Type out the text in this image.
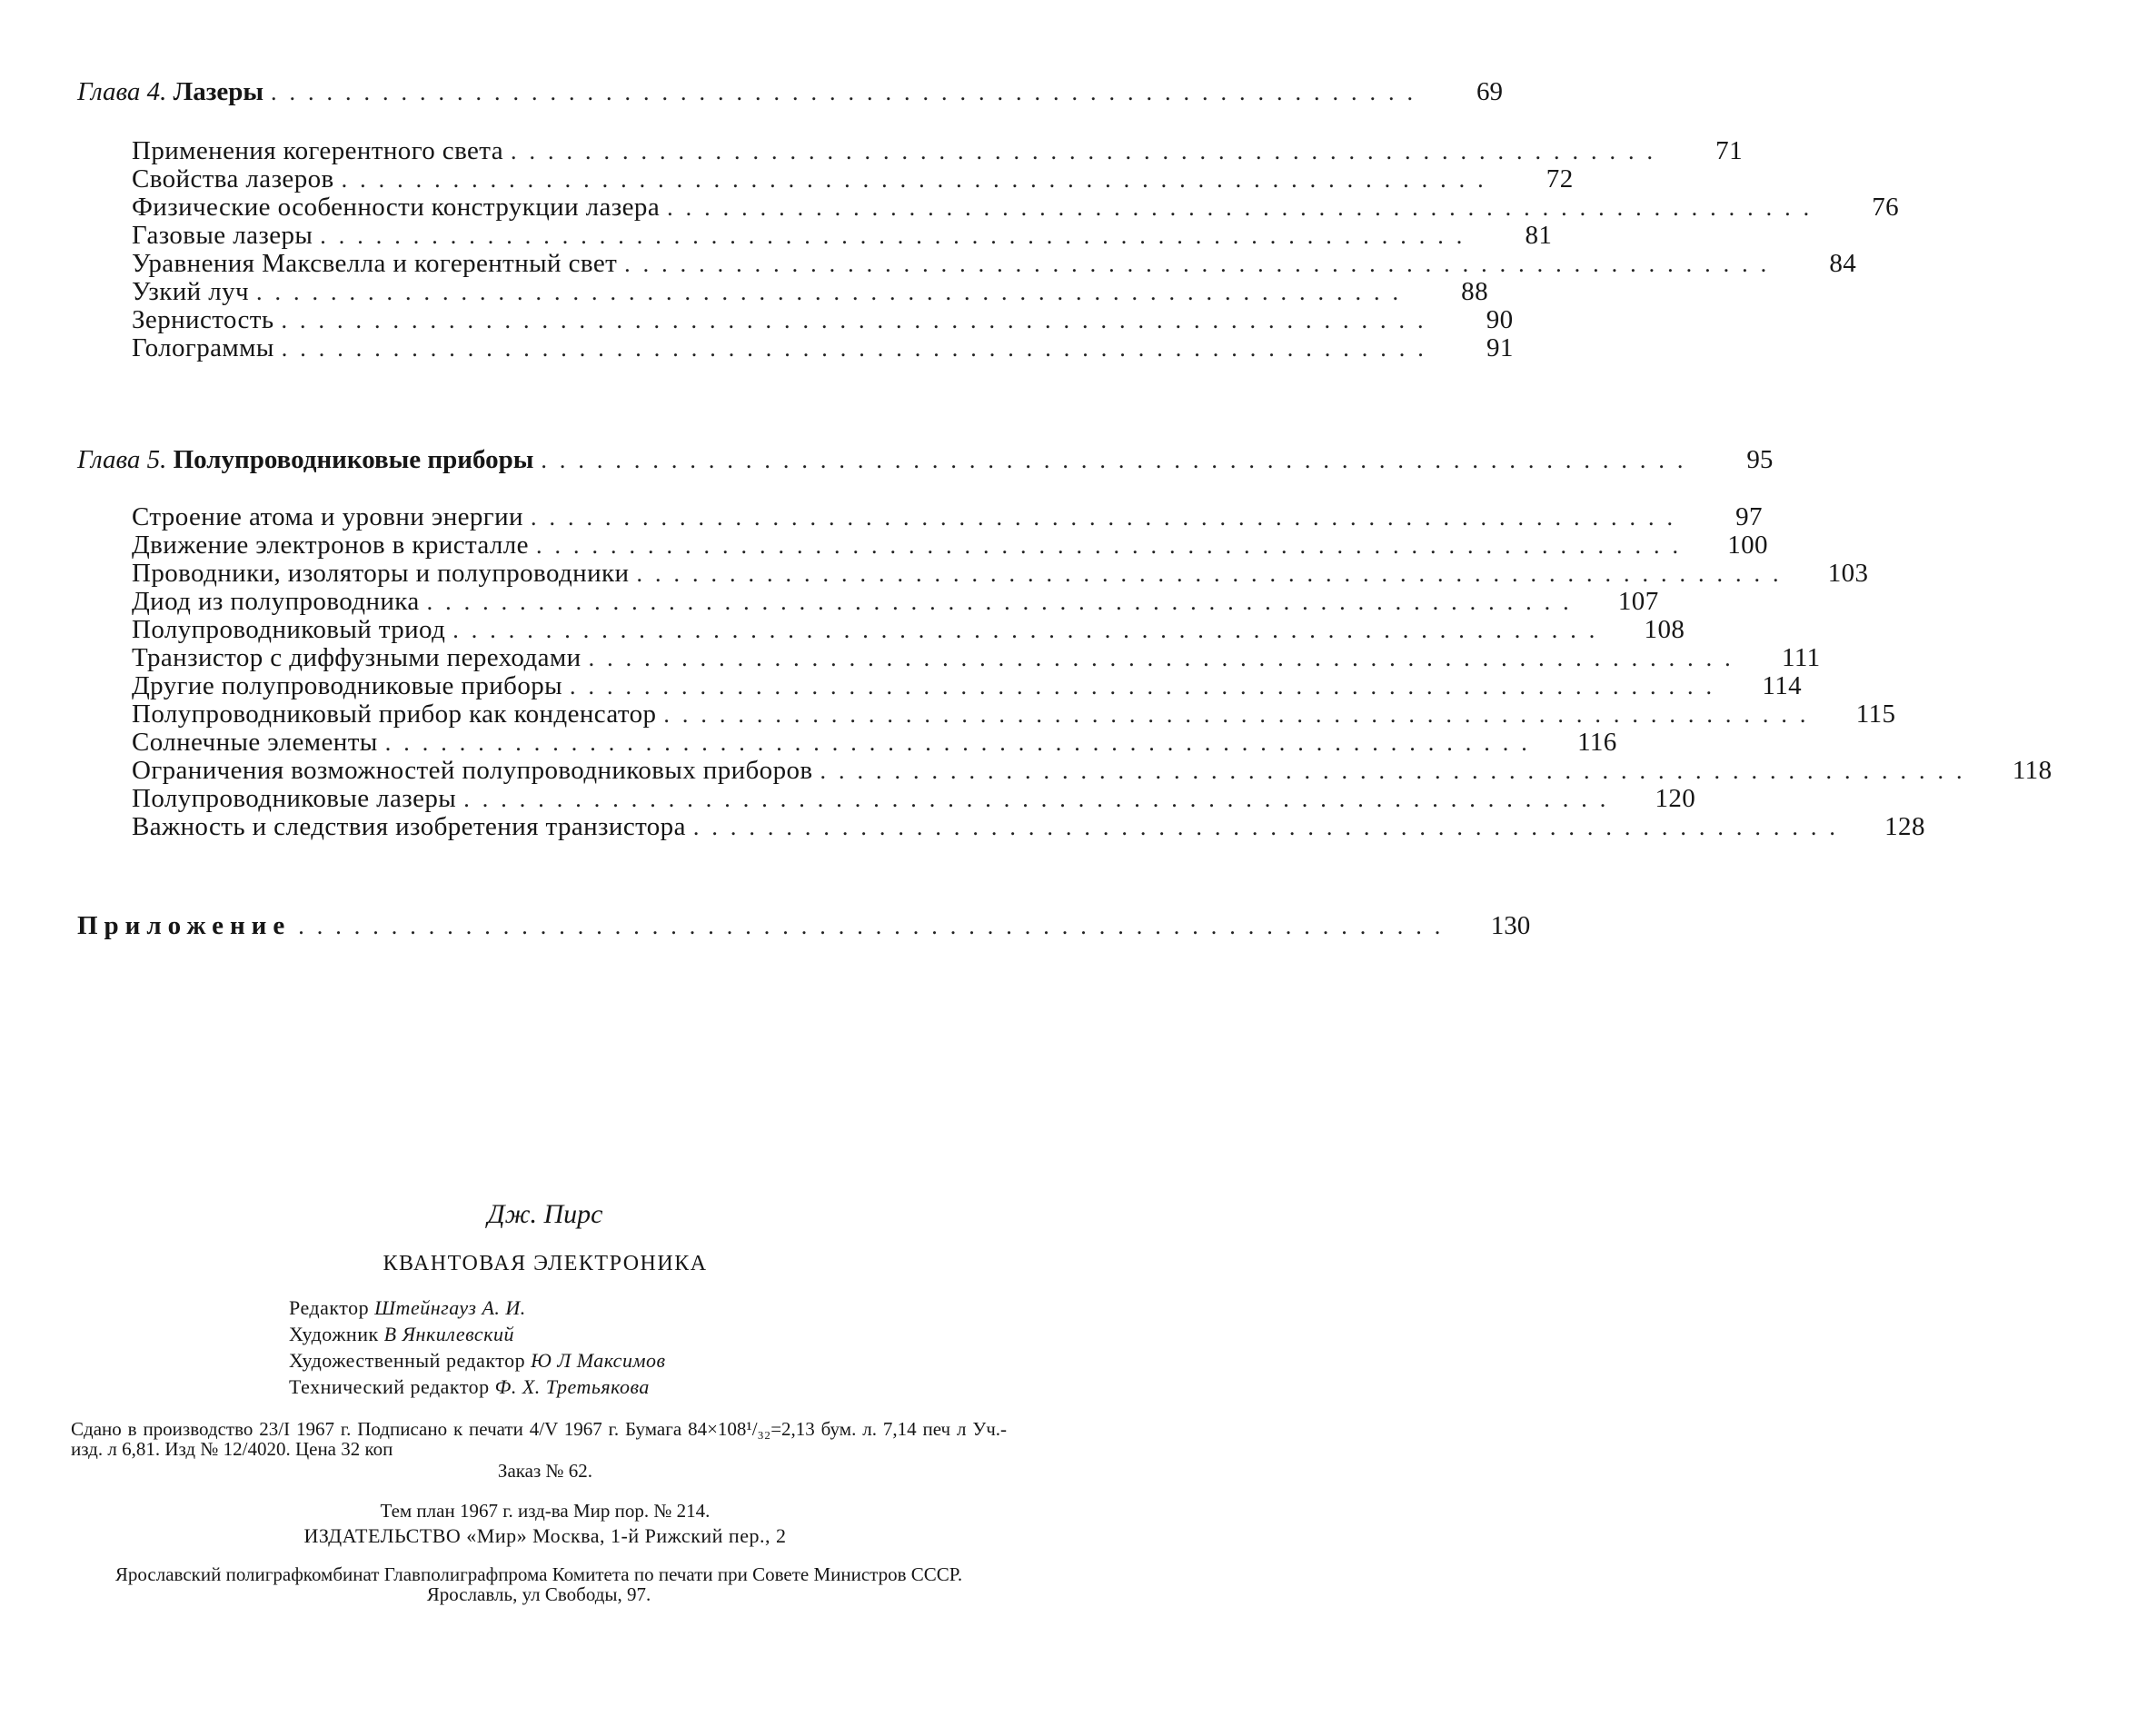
Глава 4. Лазеры ..............................................................	69
Применения когерентного света ..............................................................	71
Свойства лазеров ..............................................................	72
Физические особенности конструкции лазера ..............................................................	76
Газовые лазеры ..............................................................	81
Уравнения Максвелла и когерентный свет ..............................................................	84
Узкий луч ..............................................................	88
Зернистость ..............................................................	90
Голограммы ..............................................................	91
Глава 5. Полупроводниковые приборы ..............................................................	95
Строение атома и уровни энергии ..............................................................	97
Движение электронов в кристалле ..............................................................	100
Проводники, изоляторы и полупроводники ..............................................................	103
Диод из полупроводника ..............................................................	107
Полупроводниковый триод ..............................................................	108
Транзистор с диффузными переходами ..............................................................	111
Другие полупроводниковые приборы ..............................................................	114
Полупроводниковый прибор как конденсатор ..............................................................	115
Солнечные элементы ..............................................................	116
Ограничения возможностей полупроводниковых приборов ..............................................................	118
Полупроводниковые лазеры ..............................................................	120
Важность и следствия изобретения транзистора ..............................................................	128
Приложение ..............................................................	130
Дж. Пирс
КВАНТОВАЯ ЭЛЕКТРОНИКА
Редактор Штейнгауз А. И.
Художник В Янкилевский
Художественный редактор Ю Л Максимов
Технический редактор Ф. Х. Третьякова
Сдано в производство 23/I 1967 г. Подписано к печати 4/V 1967 г. Бумага 84×108¹/₃₂=2,13 бум. л. 7,14 печ л Уч.-изд. л 6,81. Изд № 12/4020. Цена 32 коп
Заказ № 62.
Тем план 1967 г. изд-ва Мир пор. № 214.
ИЗДАТЕЛЬСТВО «Мир» Москва, 1-й Рижский пер., 2
Ярославский полиграфкомбинат Главполиграфпрома Комитета по печати при Совете Министров СССР. Ярославль, ул Свободы, 97.
